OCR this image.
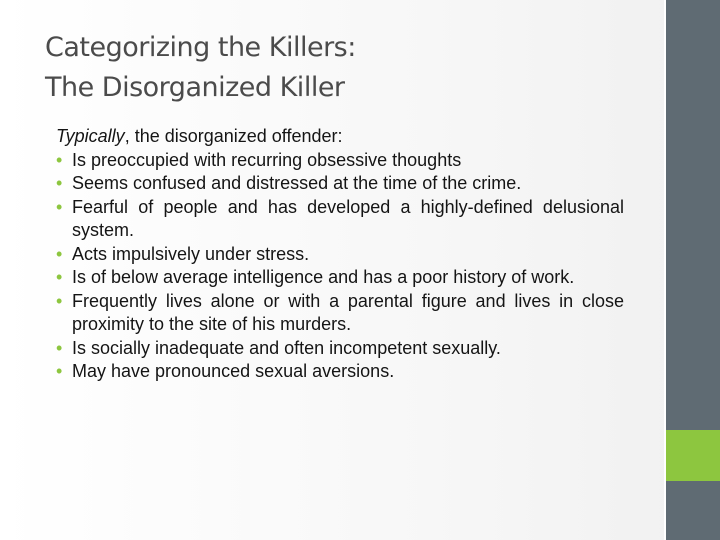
Categorizing the Killers:
The Disorganized Killer

Typically, the disorganized offender:

• Is preoccupied with recurring obsessive thoughts
• Seems confused and distressed at the time of the crime.
• Fearful of people and has developed a highly-defined delusional system.
• Acts impulsively under stress.
• Is of below average intelligence and has a poor history of work.
• Frequently lives alone or with a parental figure and lives in close proximity to the site of his murders.
• Is socially inadequate and often incompetent sexually.
• May have pronounced sexual aversions.
